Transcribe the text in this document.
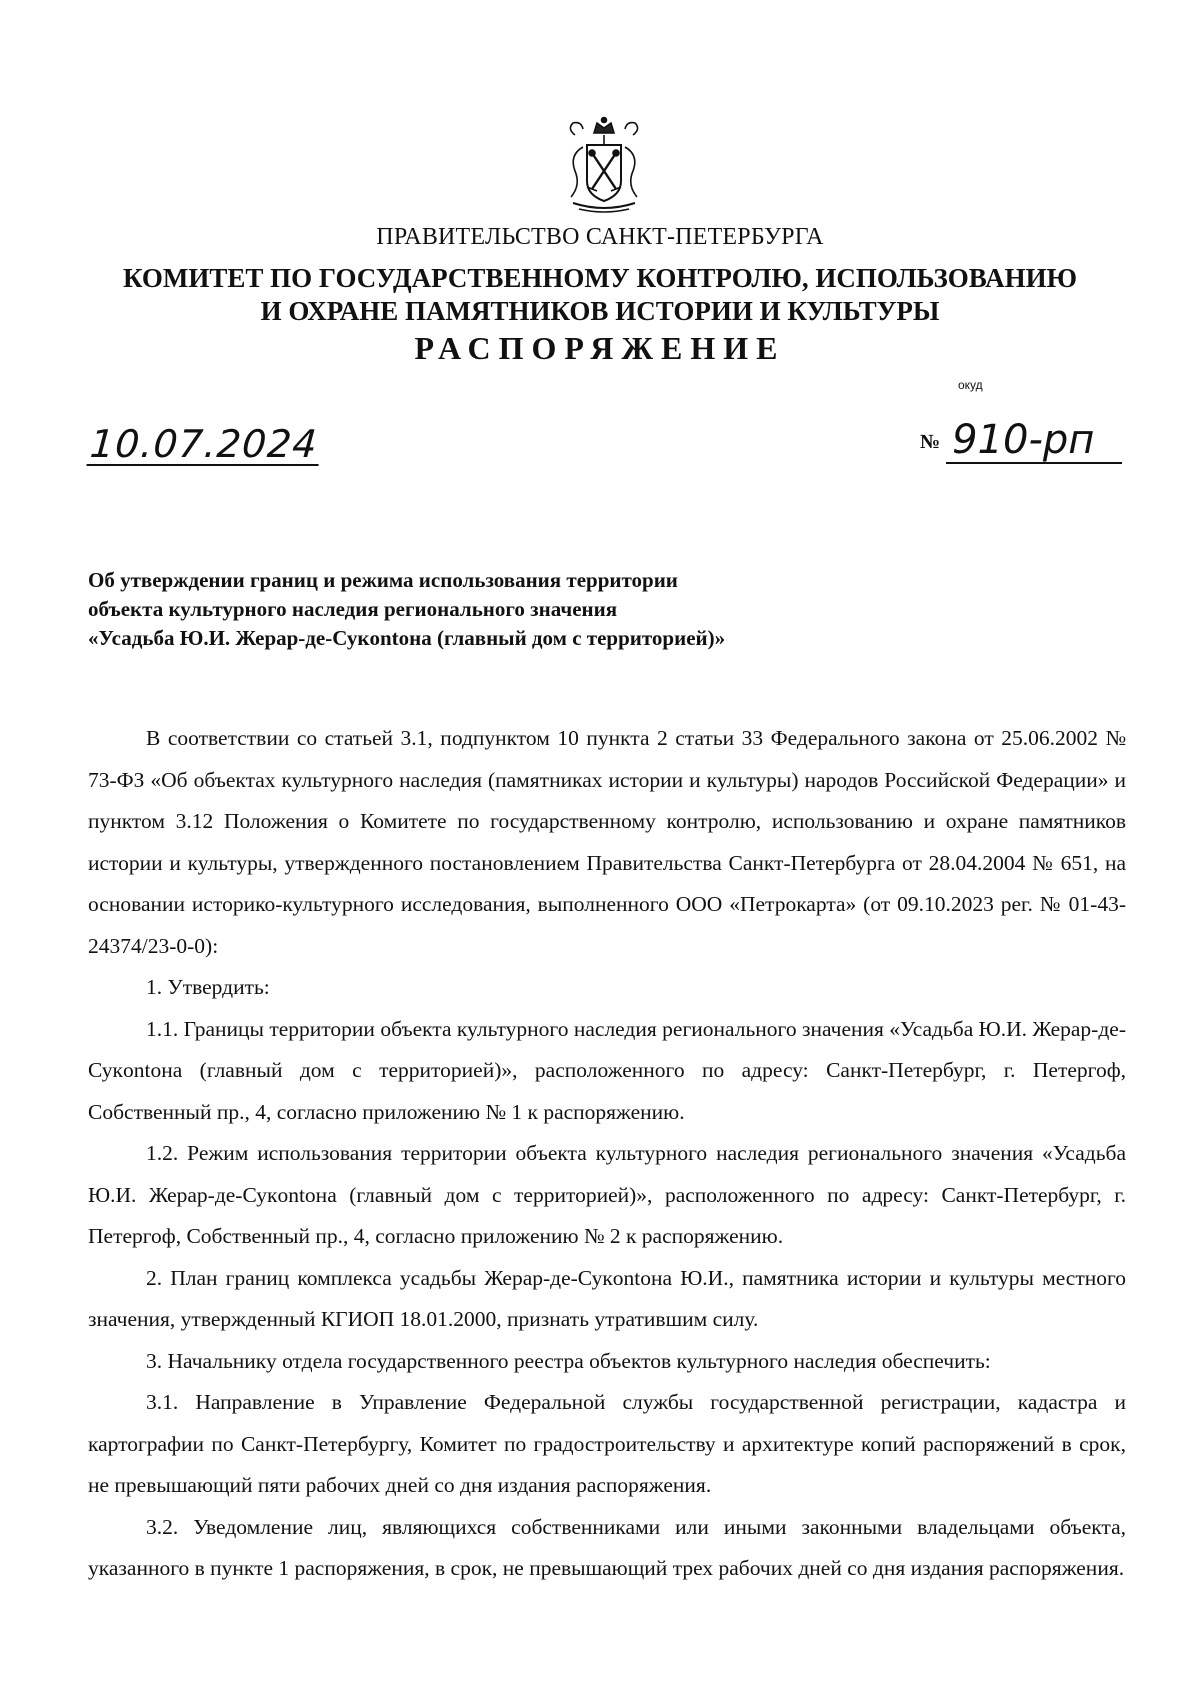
ПРАВИТЕЛЬСТВО САНКТ-ПЕТЕРБУРГА
КОМИТЕТ ПО ГОСУДАРСТВЕННОМУ КОНТРОЛЮ, ИСПОЛЬЗОВАНИЮ
И ОХРАНЕ ПАМЯТНИКОВ ИСТОРИИ И КУЛЬТУРЫ
РАСПОРЯЖЕНИЕ
окуд
10.07.2024	№ 910-рп
Об утверждении границ и режима использования территории
объекта культурного наследия регионального значения
«Усадьба Ю.И. Жерар-де-Сукontона (главный дом с территорией)»

В соответствии со статьей 3.1, подпунктом 10 пункта 2 статьи 33 Федерального закона от 25.06.2002 № 73-ФЗ «Об объектах культурного наследия (памятниках истории и культуры) народов Российской Федерации» и пунктом 3.12 Положения о Комитете по государственному контролю, использованию и охране памятников истории и культуры, утвержденного постановлением Правительства Санкт-Петербурга от 28.04.2004 № 651, на основании историко-культурного исследования, выполненного ООО «Петрокарта» (от 09.10.2023 рег. № 01-43-24374/23-0-0):

1. Утвердить:

1.1. Границы территории объекта культурного наследия регионального значения «Усадьба Ю.И. Жерар-де-Сукontона (главный дом с территорией)», расположенного по адресу: Санкт-Петербург, г. Петергоф, Собственный пр., 4, согласно приложению № 1 к распоряжению.

1.2. Режим использования территории объекта культурного наследия регионального значения «Усадьба Ю.И. Жерар-де-Сукontона (главный дом с территорией)», расположенного по адресу: Санкт-Петербург, г. Петергоф, Собственный пр., 4, согласно приложению № 2 к распоряжению.

2. План границ комплекса усадьбы Жерар-де-Сукontона Ю.И., памятника истории и культуры местного значения, утвержденный КГИОП 18.01.2000, признать утратившим силу.

3. Начальнику отдела государственного реестра объектов культурного наследия обеспечить:

3.1. Направление в Управление Федеральной службы государственной регистрации, кадастра и картографии по Санкт-Петербургу, Комитет по градостроительству и архитектуре копий распоряжений в срок, не превышающий пяти рабочих дней со дня издания распоряжения.

3.2. Уведомление лиц, являющихся собственниками или иными законными владельцами объекта, указанного в пункте 1 распоряжения, в срок, не превышающий трех рабочих дней со дня издания распоряжения.
